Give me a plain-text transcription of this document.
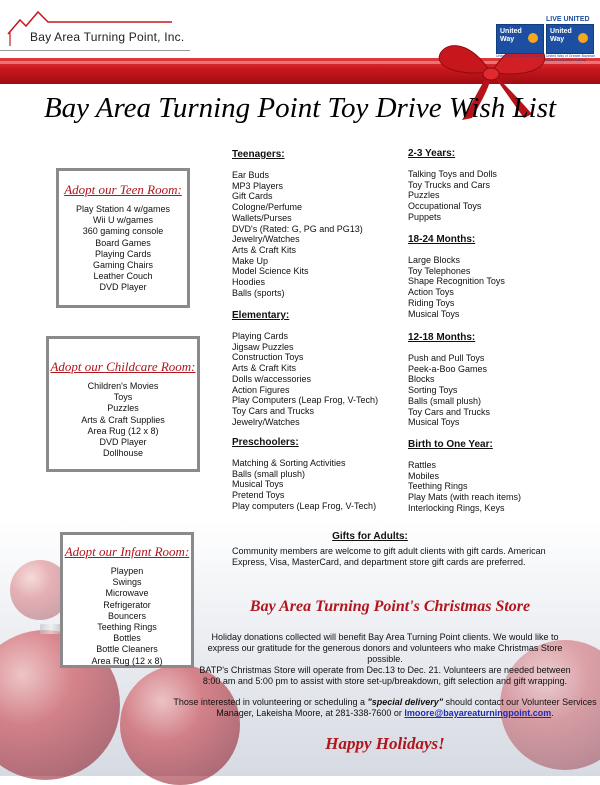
Bay Area Turning Point, Inc.
LIVE UNITED
United Way
United Way of Greater Houston
United Way
United Way of Greater Baytown Area & Chambers County
Bay Area Turning Point Toy Drive Wish List
Adopt our Teen Room:
Play Station 4 w/games
Wii U w/games
360 gaming console
Board Games
Playing Cards
Gaming Chairs
Leather Couch
DVD Player
Adopt our Childcare Room:
Children's Movies
Toys
Puzzles
Arts & Craft Supplies
Area Rug (12 x 8)
DVD Player
Dollhouse
Adopt our Infant Room:
Playpen
Swings
Microwave
Refrigerator
Bouncers
Teething Rings
Bottles
Bottle Cleaners
Area Rug (12 x 8)
Teenagers:
Ear Buds
MP3 Players
Gift Cards
Cologne/Perfume
Wallets/Purses
DVD's (Rated: G, PG and PG13)
Jewelry/Watches
Arts & Craft Kits
Make Up
Model Science Kits
Hoodies
Balls (sports)
Elementary:
Playing Cards
Jigsaw Puzzles
Construction Toys
Arts & Craft Kits
Dolls w/accessories
Action Figures
Play Computers (Leap Frog, V-Tech)
Toy Cars and Trucks
Jewelry/Watches
Preschoolers:
Matching & Sorting Activities
Balls (small plush)
Musical Toys
Pretend Toys
Play computers (Leap Frog, V-Tech)
2-3 Years:
Talking Toys and Dolls
Toy Trucks and Cars
Puzzles
Occupational Toys
Puppets
18-24 Months:
Large Blocks
Toy Telephones
Shape Recognition Toys
Action Toys
Riding Toys
Musical Toys
12-18 Months:
Push and Pull Toys
Peek-a-Boo Games
Blocks
Sorting Toys
Balls (small plush)
Toy Cars and Trucks
Musical Toys
Birth to One Year:
Rattles
Mobiles
Teething Rings
Play Mats (with reach items)
Interlocking Rings, Keys
Gifts for Adults:
Community members are welcome to gift adult clients with gift cards. American Express, Visa, MasterCard, and department store gift cards are preferred.
Bay Area Turning Point's Christmas Store
Holiday donations collected will benefit Bay Area Turning Point clients. We would like to express our gratitude for the generous donors and volunteers who make Christmas Store possible.
BATP's Christmas Store will operate from Dec.13 to Dec. 21. Volunteers are needed between 8:00 am and 5:00 pm to assist with store set-up/breakdown, gift selection and gift wrapping.
Those interested in volunteering or scheduling a "special delivery" should contact our Volunteer Services Manager, Lakeisha Moore, at 281-338-7600 or lmoore@bayareaturningpoint.com.
Happy Holidays!
